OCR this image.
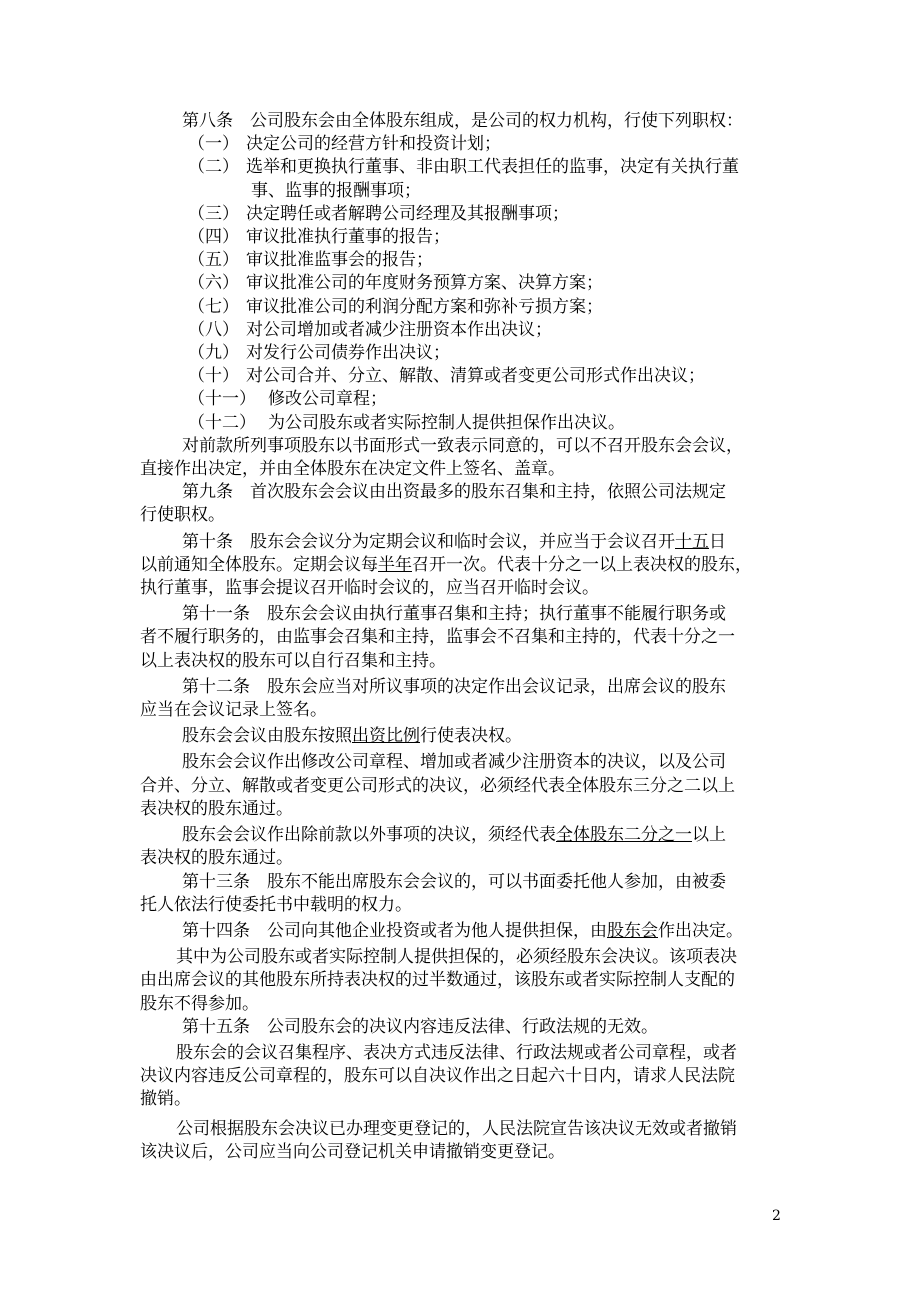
第八条　 公司股东会由全体股东组成，是公司的权力机构，行使下列职权：
（一） 决定公司的经营方针和投资计划；
（二） 选举和更换执行董事、非由职工代表担任的监事，决定有关执行董
事、监事的报酬事项；
（三） 决定聘任或者解聘公司经理及其报酬事项；
（四） 审议批准执行董事的报告；
（五） 审议批准监事会的报告；
（六） 审议批准公司的年度财务预算方案、决算方案；
（七） 审议批准公司的利润分配方案和弥补亏损方案；
（八） 对公司增加或者减少注册资本作出决议；
（九） 对发行公司债券作出决议；
（十） 对公司合并、分立、解散、清算或者变更公司形式作出决议；
（十一） 修改公司章程；
（十二） 为公司股东或者实际控制人提供担保作出决议。
对前款所列事项股东以书面形式一致表示同意的，可以不召开股东会会议，
直接作出决定，并由全体股东在决定文件上签名、盖章。
第九条　首次股东会会议由出资最多的股东召集和主持，依照公司法规定
行使职权。
第十条　股东会会议分为定期会议和临时会议，并应当于会议召开十五日
以前通知全体股东。定期会议每半年召开一次。代表十分之一以上表决权的股东，
执行董事，监事会提议召开临时会议的，应当召开临时会议。
第十一条　股东会会议由执行董事召集和主持；执行董事不能履行职务或
者不履行职务的，由监事会召集和主持，监事会不召集和主持的，代表十分之一
以上表决权的股东可以自行召集和主持。
第十二条　股东会应当对所议事项的决定作出会议记录，出席会议的股东
应当在会议记录上签名。
股东会会议由股东按照出资比例行使表决权。
股东会会议作出修改公司章程、增加或者减少注册资本的决议，以及公司
合并、分立、解散或者变更公司形式的决议，必须经代表全体股东三分之二以上
表决权的股东通过。
股东会会议作出除前款以外事项的决议，须经代表全体股东二分之一以上
表决权的股东通过。
第十三条　股东不能出席股东会会议的，可以书面委托他人参加，由被委
托人依法行使委托书中载明的权力。
第十四条　公司向其他企业投资或者为他人提供担保，由股东会作出决定。
其中为公司股东或者实际控制人提供担保的，必须经股东会决议。该项表决
由出席会议的其他股东所持表决权的过半数通过，该股东或者实际控制人支配的
股东不得参加。
第十五条　公司股东会的决议内容违反法律、行政法规的无效。
股东会的会议召集程序、表决方式违反法律、行政法规或者公司章程，或者
决议内容违反公司章程的，股东可以自决议作出之日起六十日内，请求人民法院
撤销。
公司根据股东会决议已办理变更登记的，人民法院宣告该决议无效或者撤销
该决议后，公司应当向公司登记机关申请撤销变更登记。
2
